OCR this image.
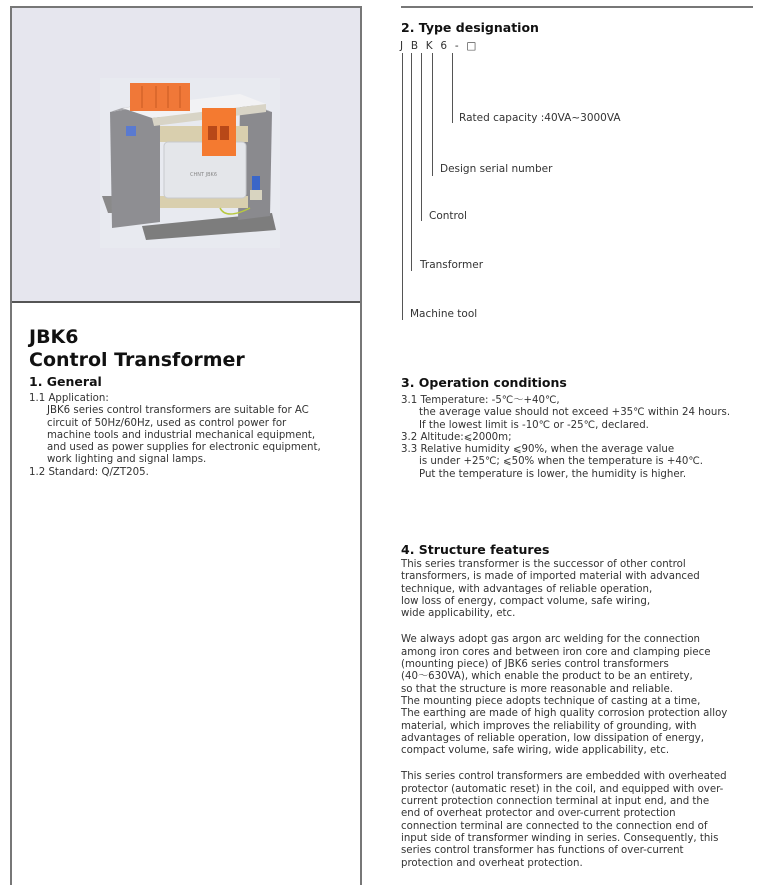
CHNT JBK6
JBK6
Control Transformer
1. General
1.1 Application:
JBK6 series control transformers are suitable for AC
circuit of 50Hz/60Hz, used as control power for
machine tools and industrial mechanical equipment,
and used as power supplies for electronic equipment,
work lighting and signal lamps.
1.2 Standard: Q/ZT205.
2. Type designation
J B K 6 - □
Rated capacity :40VA~3000VA
Design serial number
Control
Transformer
Machine tool
3. Operation conditions
3.1 Temperature: -5℃～+40℃,
the average value should not exceed +35℃ within 24 hours.
If the lowest limit is -10℃ or -25℃, declared.
3.2 Altitude:⩽2000m;
3.3 Relative humidity ⩽90%, when the average value
is under +25℃; ⩽50% when the temperature is +40℃.
Put the temperature is lower, the humidity is higher.
4. Structure features
This series transformer is the successor of other control
transformers, is made of imported material with advanced
technique, with advantages of reliable operation,
low loss of energy, compact volume, safe wiring,
wide applicability, etc.
We always adopt gas argon arc welding for the connection
among iron cores and between iron core and clamping piece
(mounting piece) of JBK6 series control transformers
(40～630VA), which enable the product to be an entirety,
so that the structure is more reasonable and reliable.
The mounting piece adopts technique of casting at a time,
The earthing are made of high quality corrosion protection alloy
material, which improves the reliability of grounding, with
advantages of reliable operation, low dissipation of energy,
compact volume, safe wiring, wide applicability, etc.
This series control transformers are embedded with overheated
protector (automatic reset) in the coil, and equipped with over-
current protection connection terminal at input end, and the
end of overheat protector and over-current protection
connection terminal are connected to the connection end of
input side of transformer winding in series. Consequently, this
series control transformer has functions of over-current
protection and overheat protection.
